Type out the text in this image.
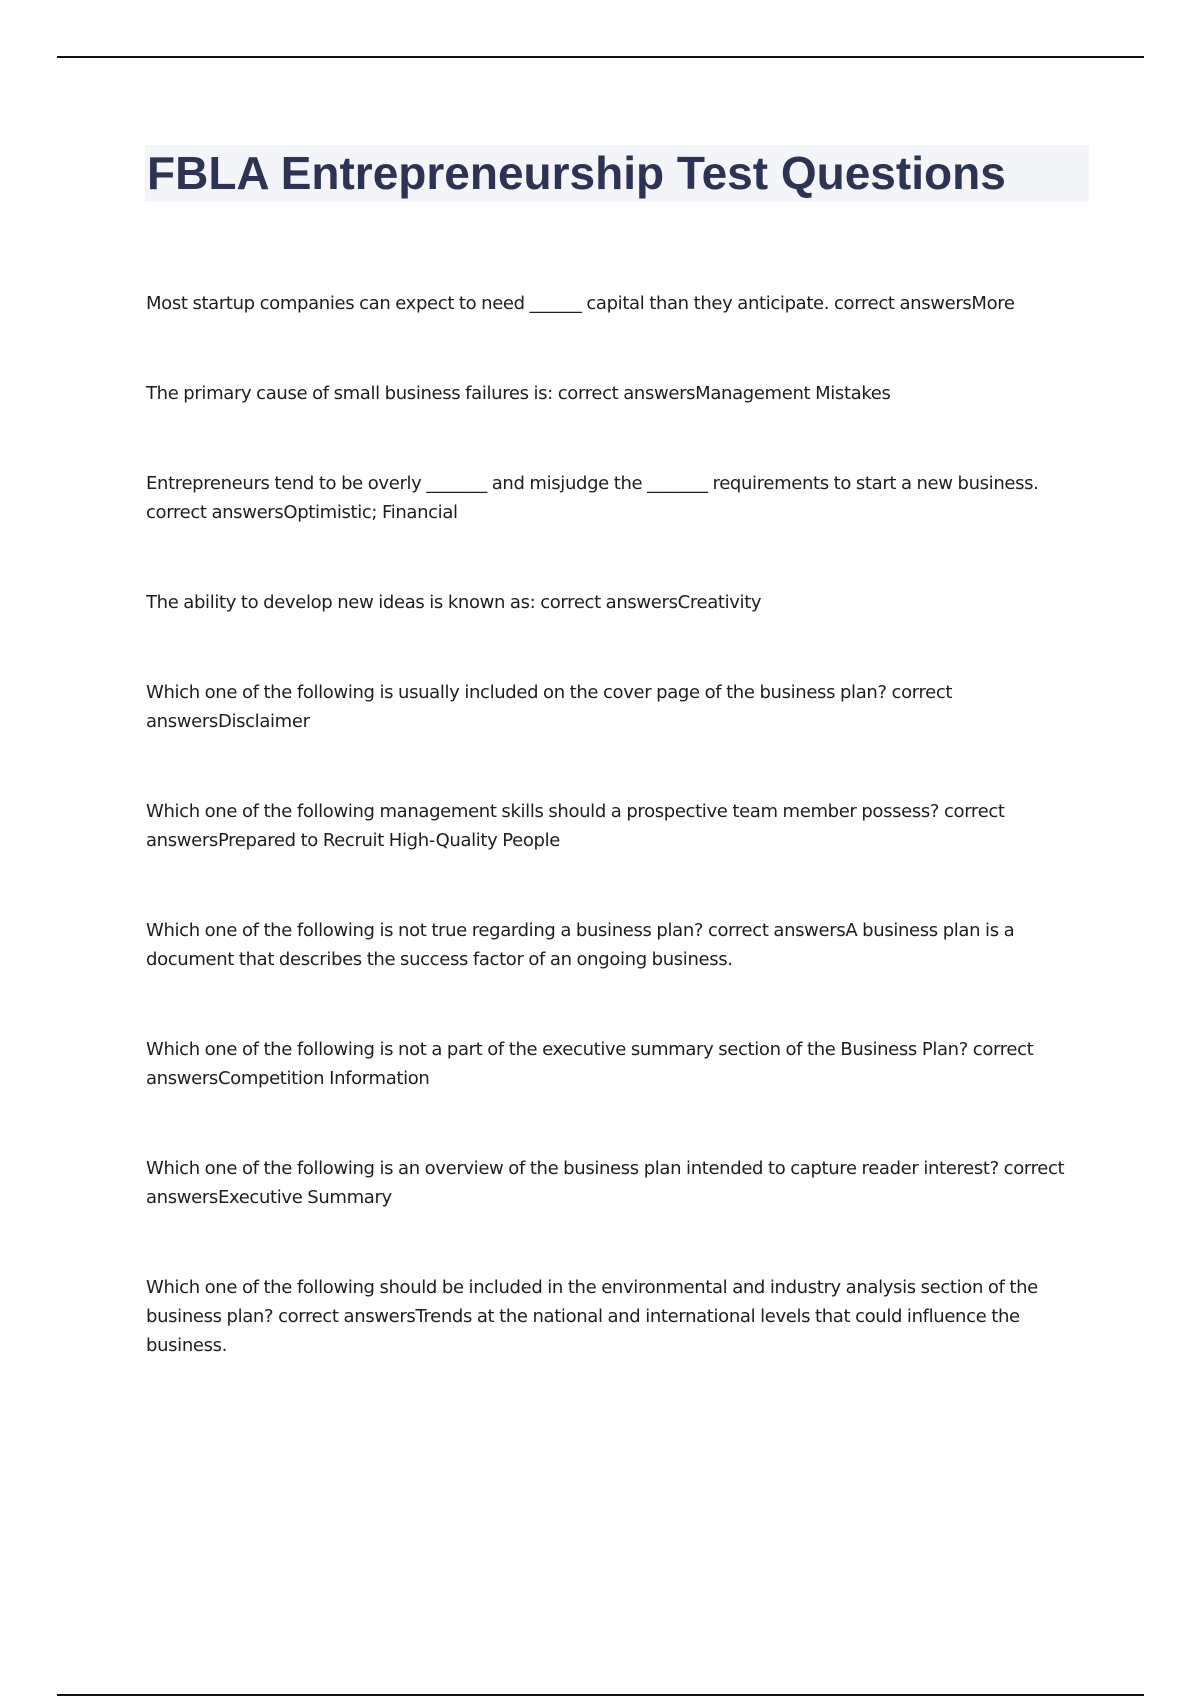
FBLA Entrepreneurship Test Questions
Most startup companies can expect to need ______ capital than they anticipate. correct answersMore
The primary cause of small business failures is: correct answersManagement Mistakes
Entrepreneurs tend to be overly _______ and misjudge the _______ requirements to start a new business. correct answersOptimistic; Financial
The ability to develop new ideas is known as: correct answersCreativity
Which one of the following is usually included on the cover page of the business plan? correct answersDisclaimer
Which one of the following management skills should a prospective team member possess? correct answersPrepared to Recruit High-Quality People
Which one of the following is not true regarding a business plan? correct answersA business plan is a document that describes the success factor of an ongoing business.
Which one of the following is not a part of the executive summary section of the Business Plan? correct answersCompetition Information
Which one of the following is an overview of the business plan intended to capture reader interest? correct answersExecutive Summary
Which one of the following should be included in the environmental and industry analysis section of the business plan? correct answersTrends at the national and international levels that could influence the business.
